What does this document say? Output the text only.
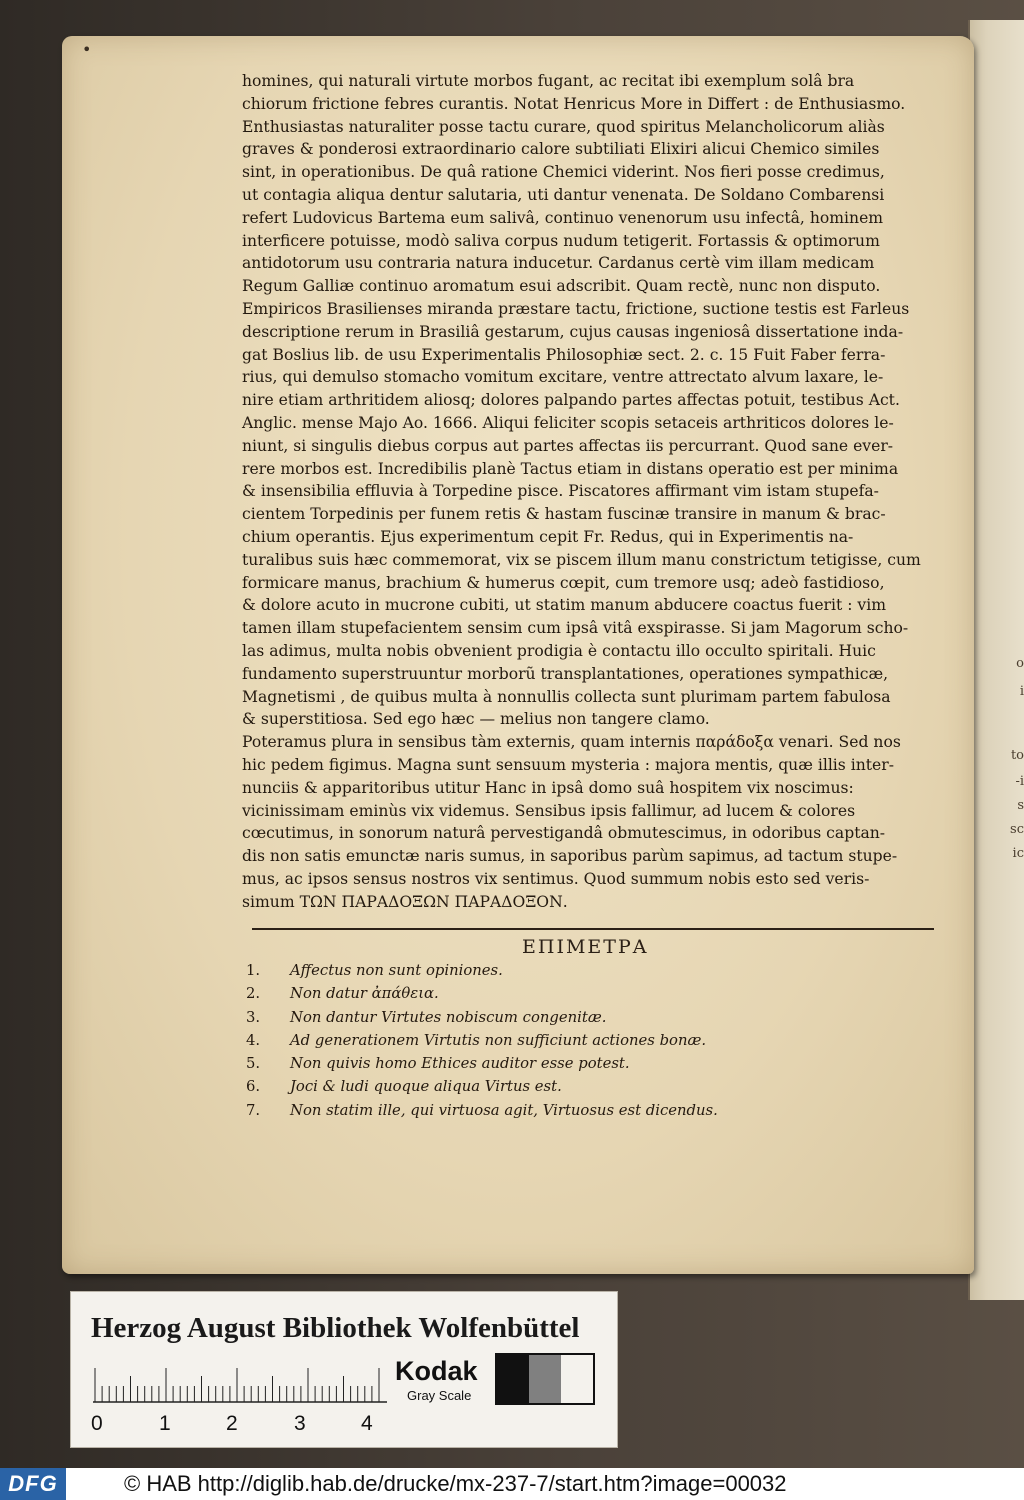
o
i
to
-i
s
sc
ic
•
homines, qui naturali virtute morbos fugant, ac recitat ibi exemplum solâ bra
chiorum frictione febres curantis. Notat Henricus More in Differt : de Enthusiasmo.
Enthusiastas naturaliter posse tactu curare, quod spiritus Melancholicorum aliàs
graves & ponderosi extraordinario calore subtiliati Elixiri alicui Chemico similes
sint, in operationibus. De quâ ratione Chemici viderint. Nos fieri posse credimus,
ut contagia aliqua dentur salutaria, uti dantur venenata. De Soldano Combarensi
refert Ludovicus Bartema eum salivâ, continuo venenorum usu infectâ, hominem
interficere potuisse, modò saliva corpus nudum tetigerit. Fortassis & optimorum
antidotorum usu contraria natura inducetur. Cardanus certè vim illam medicam
Regum Galliæ continuo aromatum esui adscribit. Quam rectè, nunc non disputo.
Empiricos Brasilienses miranda præstare tactu, frictione, suctione testis est Farleus
descriptione rerum in Brasiliâ gestarum, cujus causas ingeniosâ dissertatione inda-
gat Boslius lib. de usu Experimentalis Philosophiæ sect. 2. c. 15 Fuit Faber ferra-
rius, qui demulso stomacho vomitum excitare, ventre attrectato alvum laxare, le-
nire etiam arthritidem aliosq; dolores palpando partes affectas potuit, testibus Act.
Anglic. mense Majo Ao. 1666. Aliqui feliciter scopis setaceis arthriticos dolores le-
niunt, si singulis diebus corpus aut partes affectas iis percurrant. Quod sane ever-
rere morbos est. Incredibilis planè Tactus etiam in distans operatio est per minima
& insensibilia effluvia à Torpedine pisce. Piscatores affirmant vim istam stupefa-
cientem Torpedinis per funem retis & hastam fuscinæ transire in manum & brac-
chium operantis. Ejus experimentum cepit Fr. Redus, qui in Experimentis na-
turalibus suis hæc commemorat, vix se piscem illum manu constrictum tetigisse, cum
formicare manus, brachium & humerus cœpit, cum tremore usq; adeò fastidioso,
& dolore acuto in mucrone cubiti, ut statim manum abducere coactus fuerit : vim
tamen illam stupefacientem sensim cum ipsâ vitâ exspirasse. Si jam Magorum scho-
las adimus, multa nobis obvenient prodigia è contactu illo occulto spiritali. Huic
fundamento superstruuntur morborũ transplantationes, operationes sympathicæ,
Magnetismi , de quibus multa à nonnullis collecta sunt plurimam partem fabulosa
& superstitiosa. Sed ego hæc — melius non tangere clamo.
Poteramus plura in sensibus tàm externis, quam internis παράδοξα venari. Sed nos
hic pedem figimus. Magna sunt sensuum mysteria : majora mentis, quæ illis inter-
nunciis & apparitoribus utitur Hanc in ipsâ domo suâ hospitem vix noscimus:
vicinissimam eminùs vix videmus. Sensibus ipsis fallimur, ad lucem & colores
cœcutimus, in sonorum naturâ pervestigandâ obmutescimus, in odoribus captan-
dis non satis emunctæ naris sumus, in saporibus parùm sapimus, ad tactum stupe-
mus, ac ipsos sensus nostros vix sentimus. Quod summum nobis esto sed veris-
simum ΤΩΝ ΠΑΡΑΔΟΞΩΝ ΠΑΡΑΔΟΞΟΝ.
ΕΠΙΜΕΤΡΑ
1. Affectus non sunt opiniones.
2. Non datur ἀπάθεια.
3. Non dantur Virtutes nobiscum congenitæ.
4. Ad generationem Virtutis non sufficiunt actiones bonæ.
5. Non quivis homo Ethices auditor esse potest.
6. Joci & ludi quoque aliqua Virtus est.
7. Non statim ille, qui virtuosa agit, Virtuosus est dicendus.
Herzog August Bibliothek Wolfenbüttel
0	1	2	3	4
Kodak
Gray Scale
DFG	© HAB http://diglib.hab.de/drucke/mx-237-7/start.htm?image=00032
